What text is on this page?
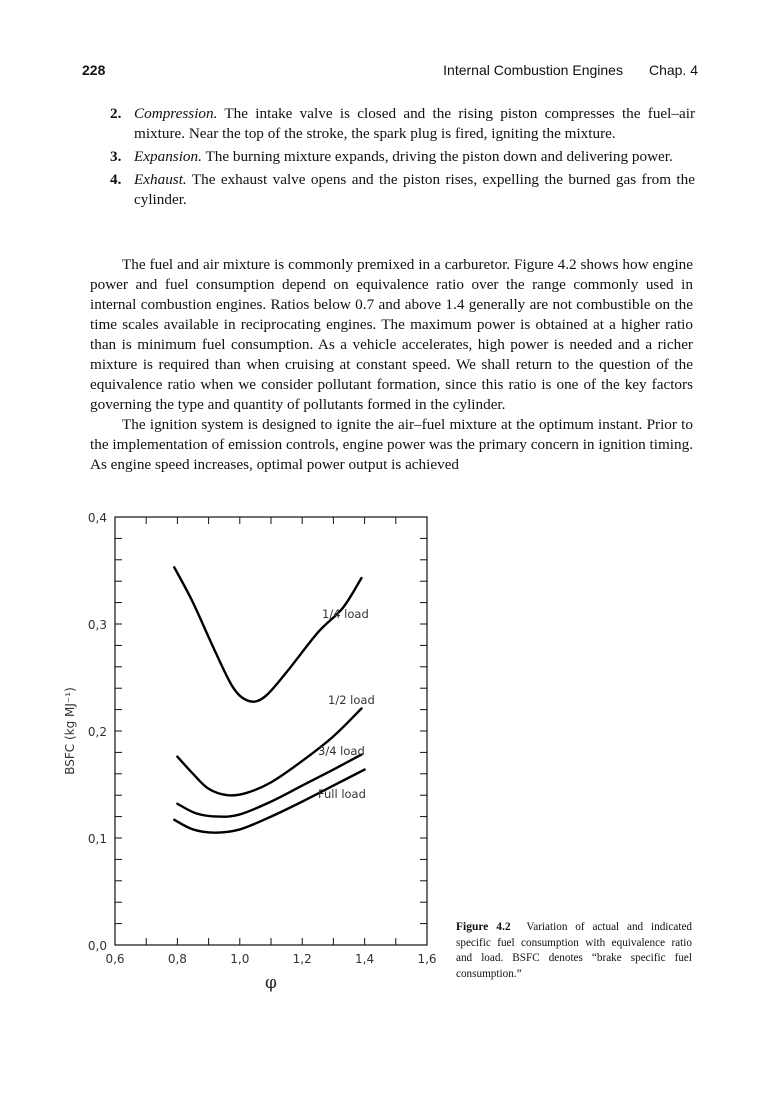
228	Internal Combustion Engines Chap. 4
2. Compression. The intake valve is closed and the rising piston compresses the fuel–air mixture. Near the top of the stroke, the spark plug is fired, igniting the mixture.
3. Expansion. The burning mixture expands, driving the piston down and delivering power.
4. Exhaust. The exhaust valve opens and the piston rises, expelling the burned gas from the cylinder.

The fuel and air mixture is commonly premixed in a carburetor. Figure 4.2 shows how engine power and fuel consumption depend on equivalence ratio over the range commonly used in internal combustion engines. Ratios below 0.7 and above 1.4 generally are not combustible on the time scales available in reciprocating engines. The maximum power is obtained at a higher ratio than is minimum fuel consumption. As a vehicle accelerates, high power is needed and a richer mixture is required than when cruising at constant speed. We shall return to the question of the equivalence ratio when we consider pollutant formation, since this ratio is one of the key factors governing the type and quantity of pollutants formed in the cylinder.

The ignition system is designed to ignite the air–fuel mixture at the optimum instant. Prior to the implementation of emission controls, engine power was the primary concern in ignition timing. As engine speed increases, optimal power output is achieved

0,0
0,1
0,2
0,3
0,4
0,6	0,8	1,0	1,2	1,4	1,6
φ
BSFC (kg MJ⁻¹)
1/4 load
1/2 load
3/4 load
Full load
Figure 4.2 Variation of actual and indicated specific fuel consumption with equivalence ratio and load. BSFC denotes “brake specific fuel consumption.”
